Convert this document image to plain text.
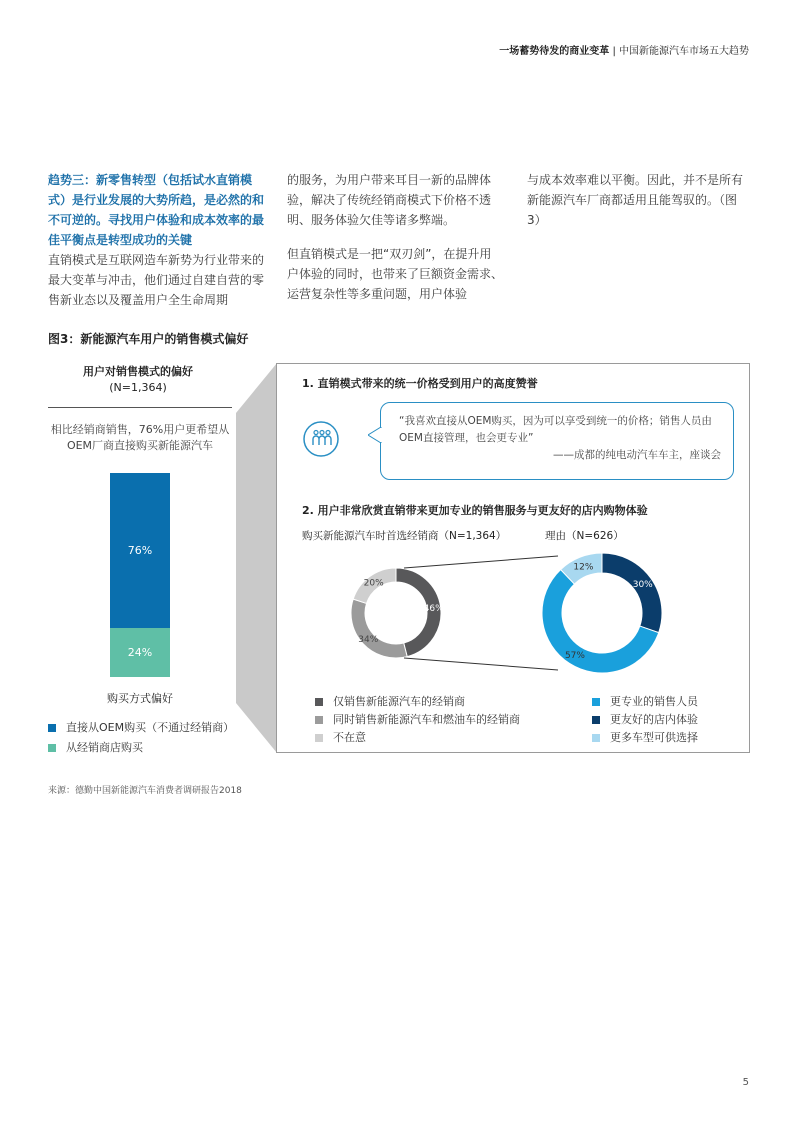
一场蓄势待发的商业变革 | 中国新能源汽车市场五大趋势
趋势三：新零售转型（包括试水直销模式）是行业发展的大势所趋，是必然的和不可逆的。寻找用户体验和成本效率的最佳平衡点是转型成功的关键
直销模式是互联网造车新势为行业带来的最大变革与冲击，他们通过自建自营的零售新业态以及覆盖用户全生命周期

的服务，为用户带来耳目一新的品牌体验，解决了传统经销商模式下价格不透明、服务体验欠佳等诸多弊端。

但直销模式是一把“双刃剑”，在提升用户体验的同时，也带来了巨额资金需求、运营复杂性等多重问题，用户体验

与成本效率难以平衡。因此，并不是所有新能源汽车厂商都适用且能驾驭的。（图3）

图3：新能源汽车用户的销售模式偏好
用户对销售模式的偏好
(N=1,364)
相比经销商销售，76%用户更希望从OEM厂商直接购买新能源汽车
76%
24%
购买方式偏好
直接从OEM购买（不通过经销商）
从经销商店购买
1. 直销模式带来的统一价格受到用户的高度赞誉
“我喜欢直接从OEM购买，因为可以享受到统一的价格；销售人员由OEM直接管理，也会更专业”
——成都的纯电动汽车车主，座谈会
2. 用户非常欣赏直销带来更加专业的销售服务与更友好的店内购物体验
购买新能源汽车时首选经销商（N=1,364）	理由（N=626）
46%
34%
20%	30%
57%
12%
仅销售新能源汽车的经销商
同时销售新能源汽车和燃油车的经销商
不在意
更专业的销售人员
更友好的店内体验
更多车型可供选择
来源：德勤中国新能源汽车消费者调研报告2018
5
